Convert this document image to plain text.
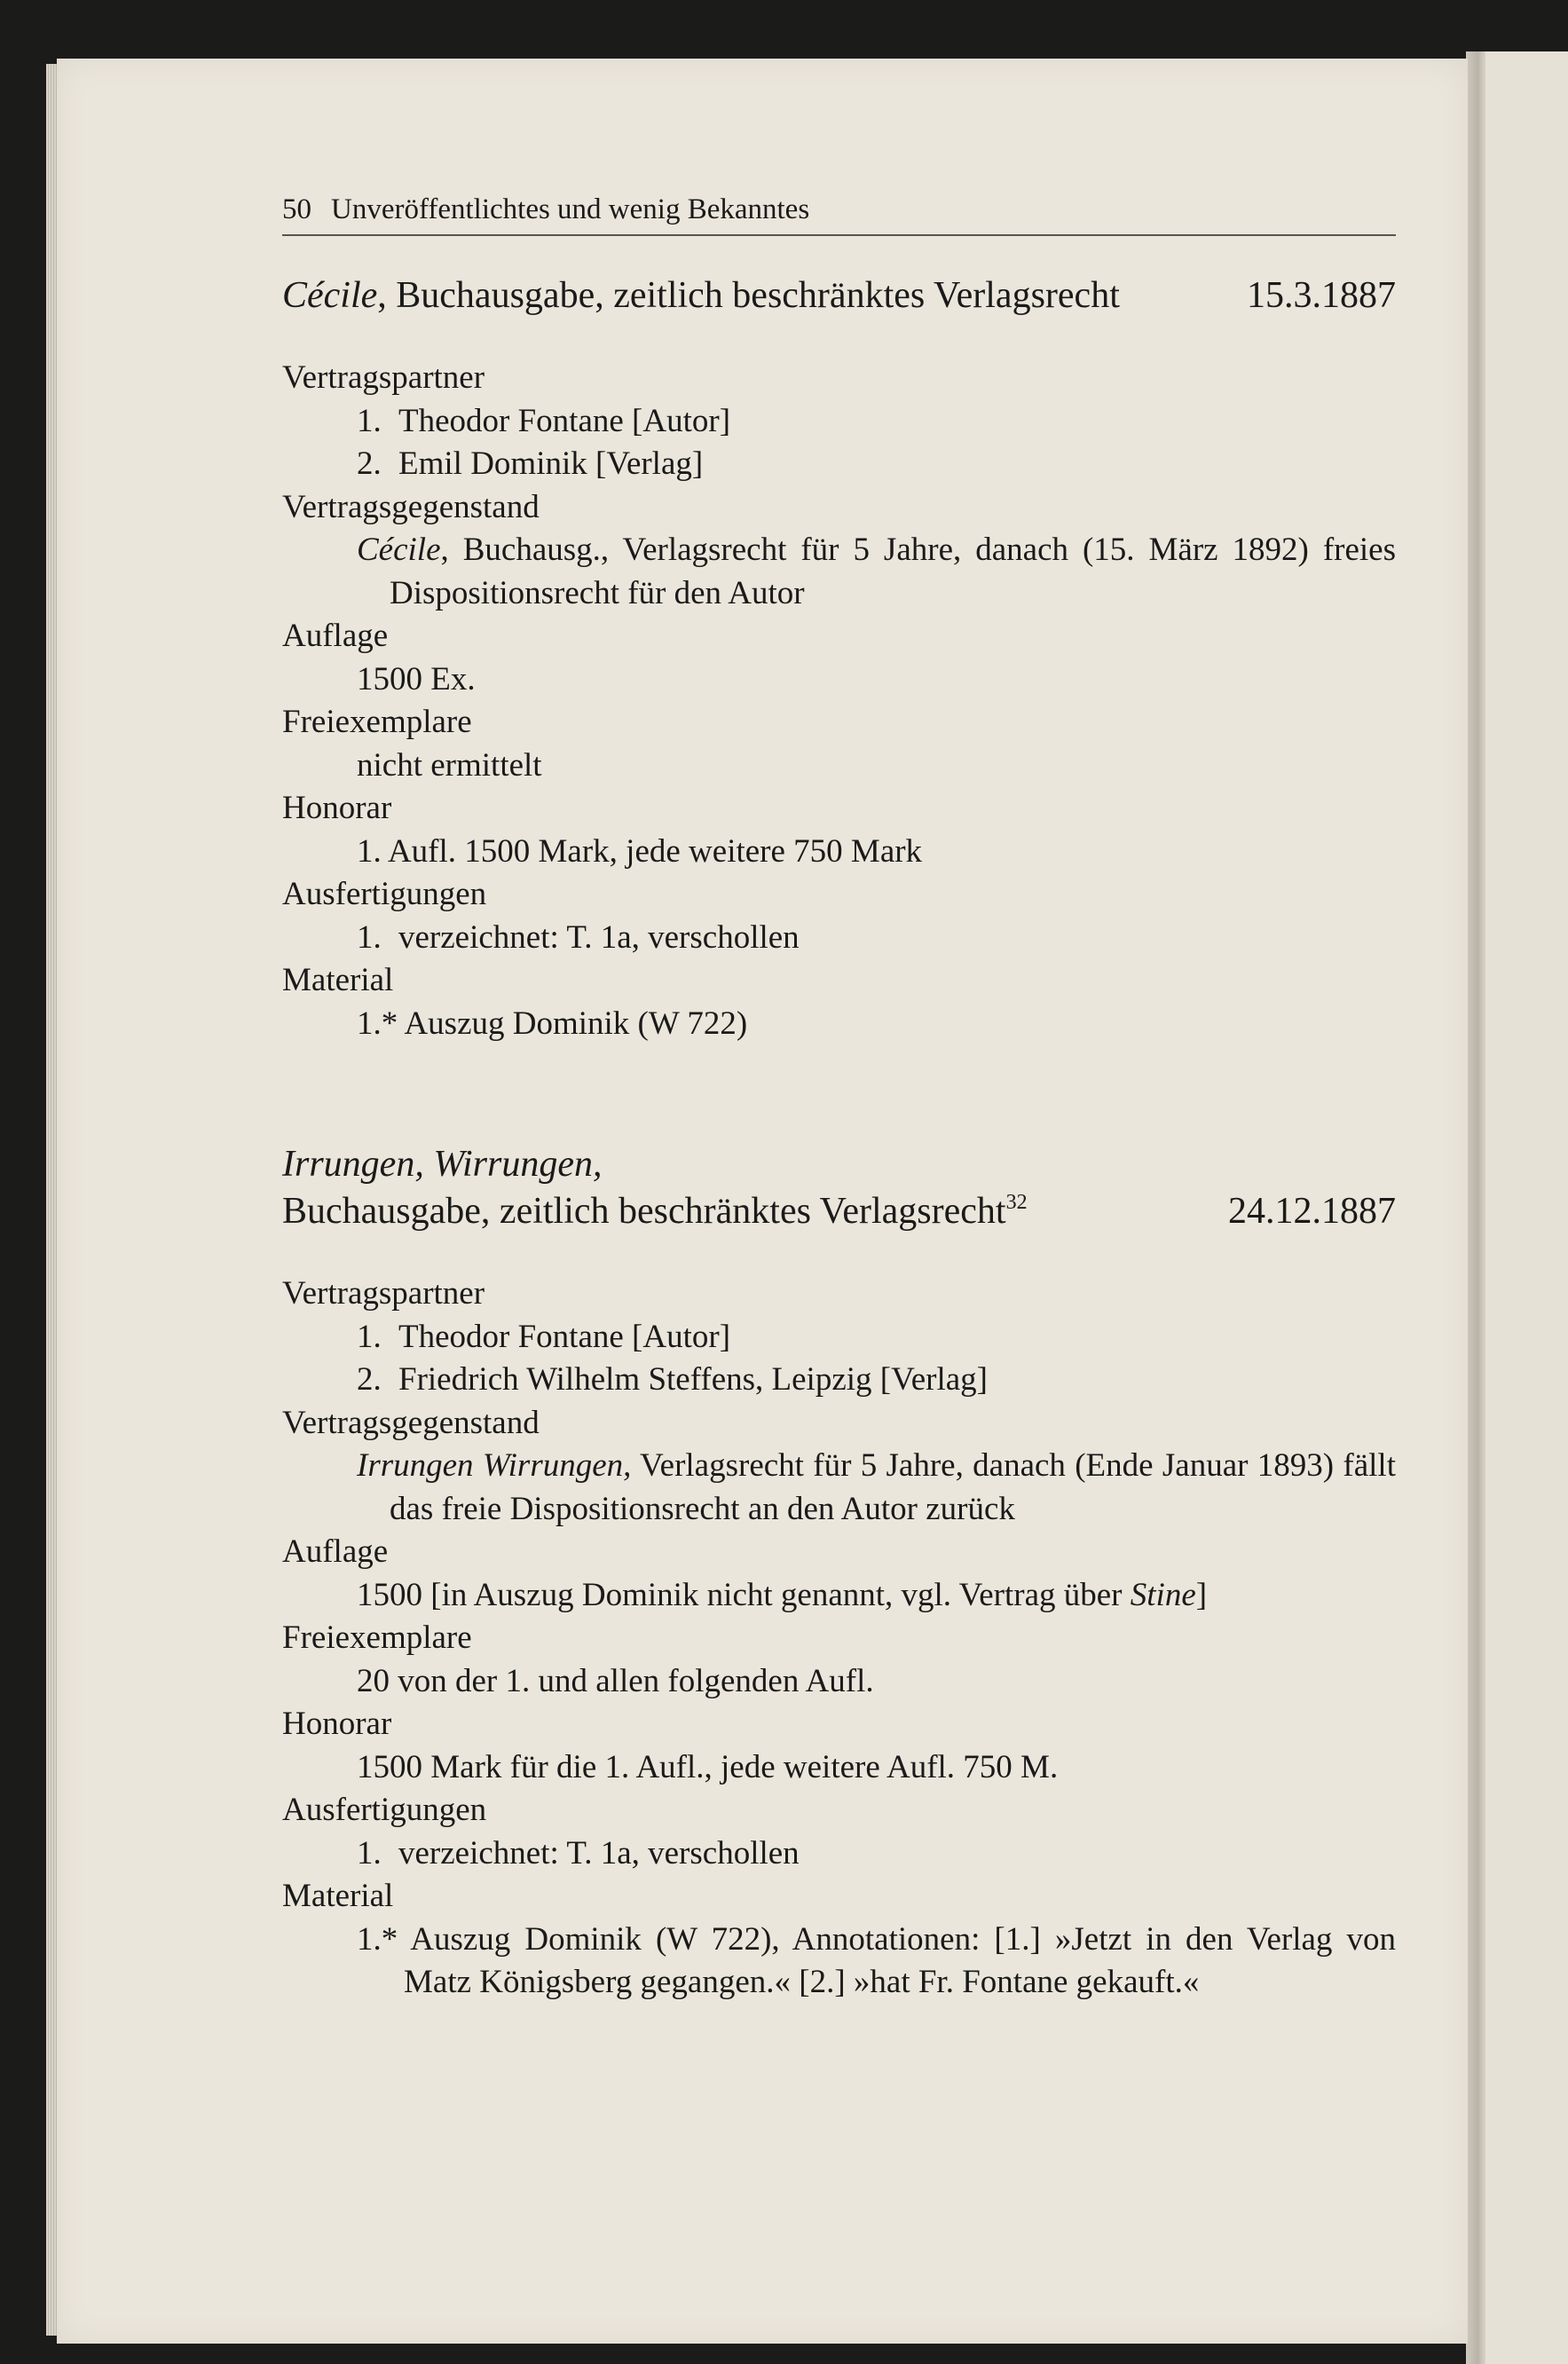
50 Unveröffentlichtes und wenig Bekanntes
Cécile, Buchausgabe, zeitlich beschränktes Verlagsrecht	15.3.1887
Vertragspartner
1. Theodor Fontane [Autor]
2. Emil Dominik [Verlag]
Vertragsgegenstand
Cécile, Buchausg., Verlagsrecht für 5 Jahre, danach (15. März 1892) freies Dispositionsrecht für den Autor
Auflage
1500 Ex.
Freiexemplare
nicht ermittelt
Honorar
1. Aufl. 1500 Mark, jede weitere 750 Mark
Ausfertigungen
1. verzeichnet: T. 1a, verschollen
Material
1.* Auszug Dominik (W 722)
Irrungen, Wirrungen,
Buchausgabe, zeitlich beschränktes Verlagsrecht$^{32}$	24.12.1887
Vertragspartner
1. Theodor Fontane [Autor]
2. Friedrich Wilhelm Steffens, Leipzig [Verlag]
Vertragsgegenstand
Irrungen Wirrungen, Verlagsrecht für 5 Jahre, danach (Ende Januar 1893) fällt das freie Dispositionsrecht an den Autor zurück
Auflage
1500 [in Auszug Dominik nicht genannt, vgl. Vertrag über Stine]
Freiexemplare
20 von der 1. und allen folgenden Aufl.
Honorar
1500 Mark für die 1. Aufl., jede weitere Aufl. 750 M.
Ausfertigungen
1. verzeichnet: T. 1a, verschollen
Material
1.* Auszug Dominik (W 722), Annotationen: [1.] »Jetzt in den Verlag von Matz Königsberg gegangen.« [2.] »hat Fr. Fontane gekauft.«
